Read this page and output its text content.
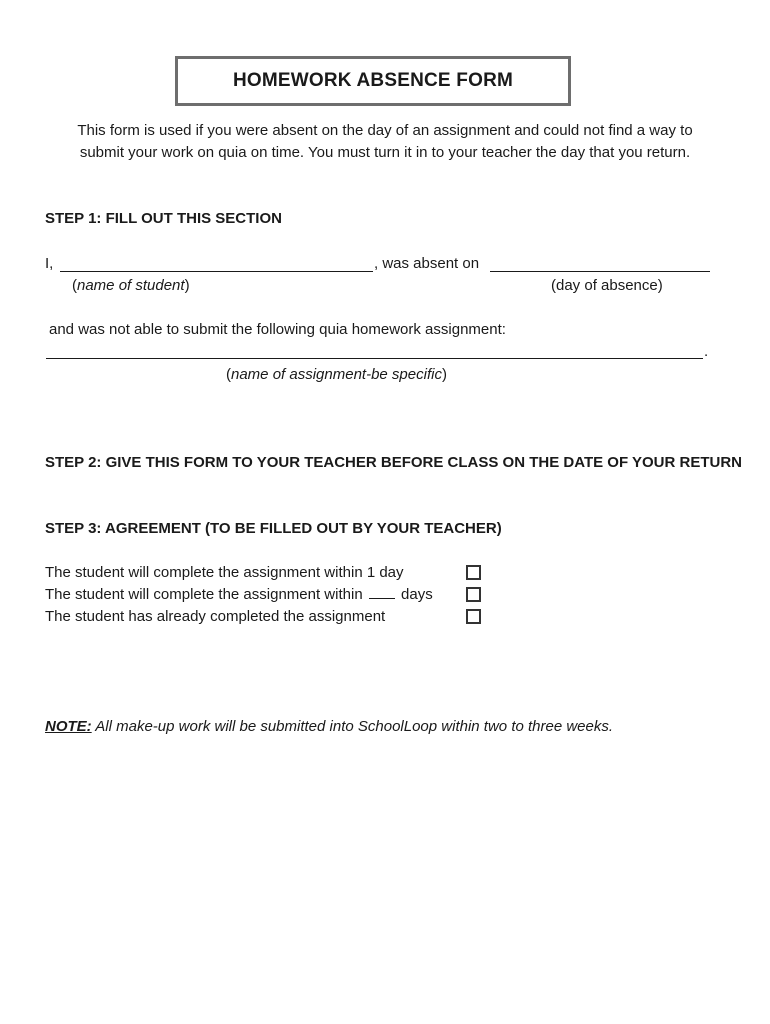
HOMEWORK ABSENCE FORM
This form is used if you were absent on the day of an assignment and could not find a way to
submit your work on quia on time. You must turn it in to your teacher the day that you return.
STEP 1: FILL OUT THIS SECTION
I,	, was absent on
(name of student)	(day of absence)
and was not able to submit the following quia homework assignment:
.
(name of assignment-be specific)
STEP 2: GIVE THIS FORM TO YOUR TEACHER BEFORE CLASS ON THE DATE OF YOUR RETURN
STEP 3: AGREEMENT (TO BE FILLED OUT BY YOUR TEACHER)
The student will complete the assignment within 1 day
The student will complete the assignment within	days
The student has already completed the assignment
NOTE: All make-up work will be submitted into SchoolLoop within two to three weeks.
